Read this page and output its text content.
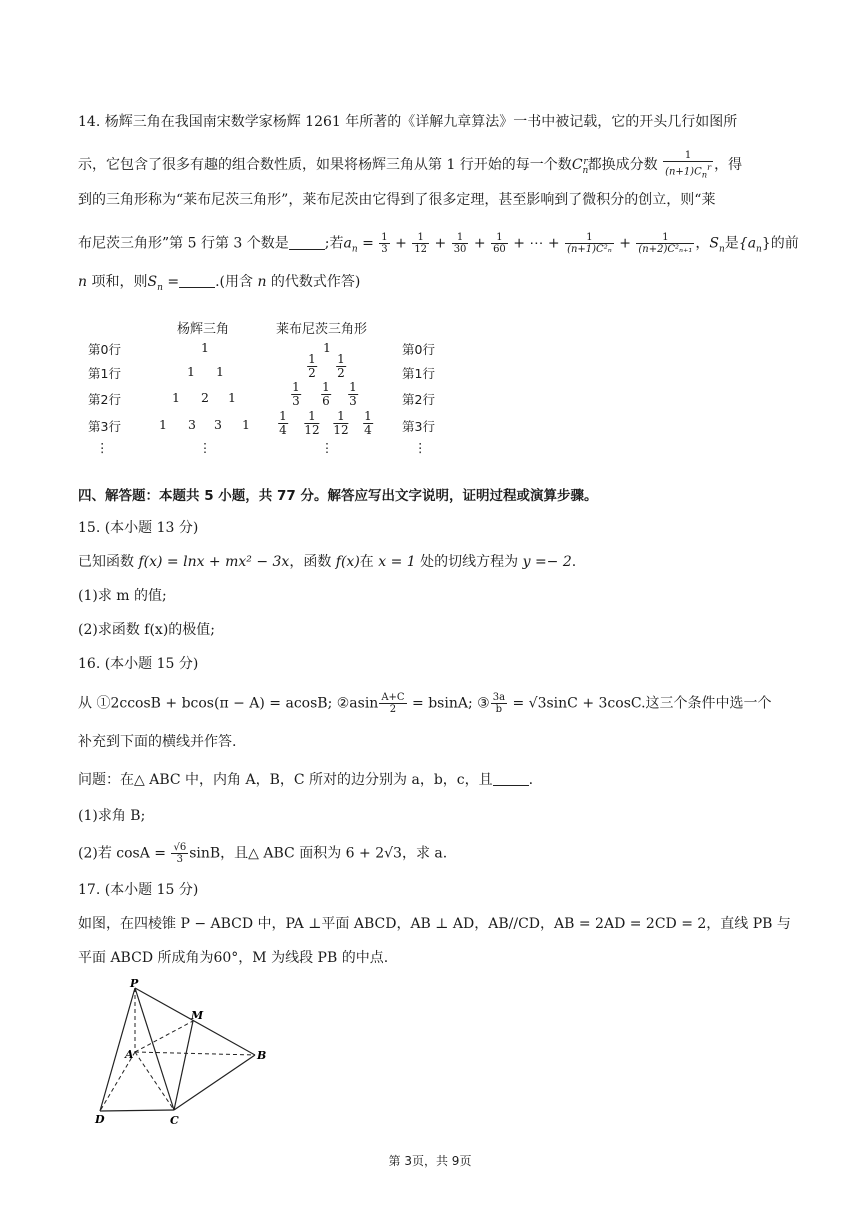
14. 杨辉三角在我国南宋数学家杨辉 1261 年所著的《详解九章算法》一书中被记载，它的开头几行如图所
示，它包含了很多有趣的组合数性质，如果将杨辉三角从第 1 行开始的每一个数$C_n^r$都换成分数 $\frac{1}{(n+1)C_n^r}$ ，得
到的三角形称为“莱布尼茨三角形”，莱布尼茨由它得到了很多定理，甚至影响到了微积分的创立，则“莱
布尼茨三角形”第 5 行第 3 个数是	;若$a_n = \frac{1}{3} + \frac{1}{12} + \frac{1}{30} + \frac{1}{60}$ + ⋯ + $\frac{1}{\text{(n+1)C²ₙ}} + \frac{1}{\text{(n+2)C²ₙ₊₁}}$ ，$S_n$是$\{a_n\}$的前
n 项和，则$S_n$ =	.(用含 n 的代数式作答)
杨辉三角	莱布尼茨三角形
第0行
第1行
第2行
第3行
⋮
第0行
第1行
第2行
第3行
⋮
1
1 1
1 2 1
1 3 3 1
⋮
1
1
2
1
2
1
3
1
6
1
3
1
4
1
12
1
12
1
4
⋮
四、解答题：本题共 5 小题，共 77 分。解答应写出文字说明，证明过程或演算步骤。
15. (本小题 13 分)
已知函数 f(x) = lnx + mx² − 3x，函数 f(x)在 x = 1 处的切线方程为 y =− 2.
(1)求 m 的值;
(2)求函数 f(x)的极值;
16. (本小题 15 分)
从 ①2ccosB + bcos(π − A) = acosB; ②asin $\frac{A+C}{2} = bsinA$; ③ $\frac{3a}{b} = √3\sin C + 3\cos C$.这三个条件中选一个
补充到下面的横线并作答.
问题：在△ ABC 中，内角 A，B，C 所对的边分别为 a，b，c，且	.
(1)求角 B;
(2)若 $\cos A = \frac{√6}{3}$ sinB，且△ ABC 面积为 6 + 2√3，求 a.
17. (本小题 15 分)
如图，在四棱锥 P − ABCD 中，PA ⊥平面 ABCD，AB ⊥ AD，AB//CD，AB = 2AD = 2CD = 2，直线 PB 与
平面 ABCD 所成角为60°，M 为线段 PB 的中点.
P
M
A	B
C
D
第 3页，共 9页
